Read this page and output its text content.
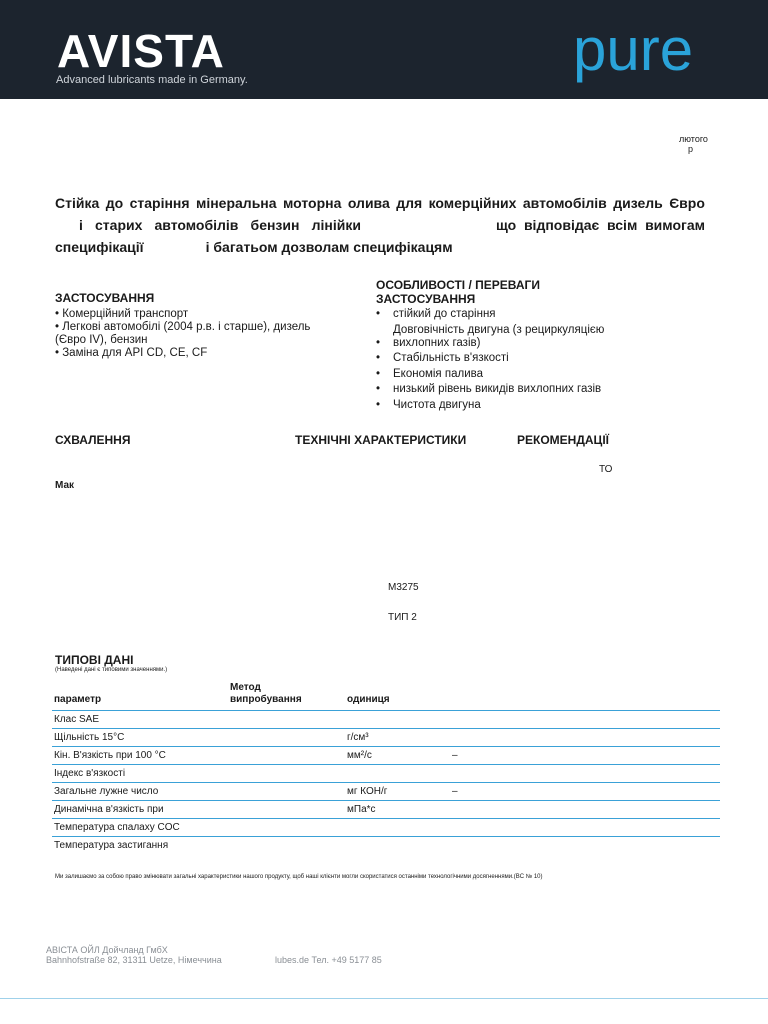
AVISTA
Advanced lubricants made in Germany.	pure
лютого
р
Стійка до старіння мінеральна моторна олива для комерційних автомобілів дизель Євро
і старих автомобілів бензин лінійки	що відповідає всім вимогам
специфікації	і багатьом дозволам специфікацям
ЗАСТОСУВАННЯ
• Комерційний транспорт
• Легкові автомобілі (2004 р.в. і старше), дизель
(Євро IV), бензин
• Заміна для API CD, CE, CF
ОСОБЛИВОСТІ / ПЕРЕВАГИ
ЗАСТОСУВАННЯ
• стійкий до старіння
Довговічність двигуна (з рециркуляцією
• вихлопних газів)
• Стабільність в'язкості
• Економія палива
• низький рівень викидів вихлопних газів
• Чистота двигуна
СХВАЛЕННЯ	ТЕХНІЧНІ ХАРАКТЕРИСТИКИ	РЕКОМЕНДАЦІЇ
ТО
Мак
M3275
ТИП 2
ТИПОВІ ДАНІ
(Наведені дані є типовими значеннями.)
параметр
Метод
випробування	одиниця
Клас SAE
Щільність 15°C	г/см³
Кін. В'язкість при 100 °C	мм²/с	–
Індекс в'язкості
Загальне лужне число	мг КОН/г	–
Динамічна в'язкість при	мПа*с
Температура спалаху COC
Температура застигання
Ми залишаємо за собою право змінювати загальні характеристики нашого продукту, щоб наші клієнти могли скористатися останніми технологічними досягненнями.(BC № 10)
АВІСТА ОЙЛ Дойчланд ГмбХ
Bahnhofstraße 82, 31311 Uetze, Німеччина	lubes.de Тел. +49 5177 85
